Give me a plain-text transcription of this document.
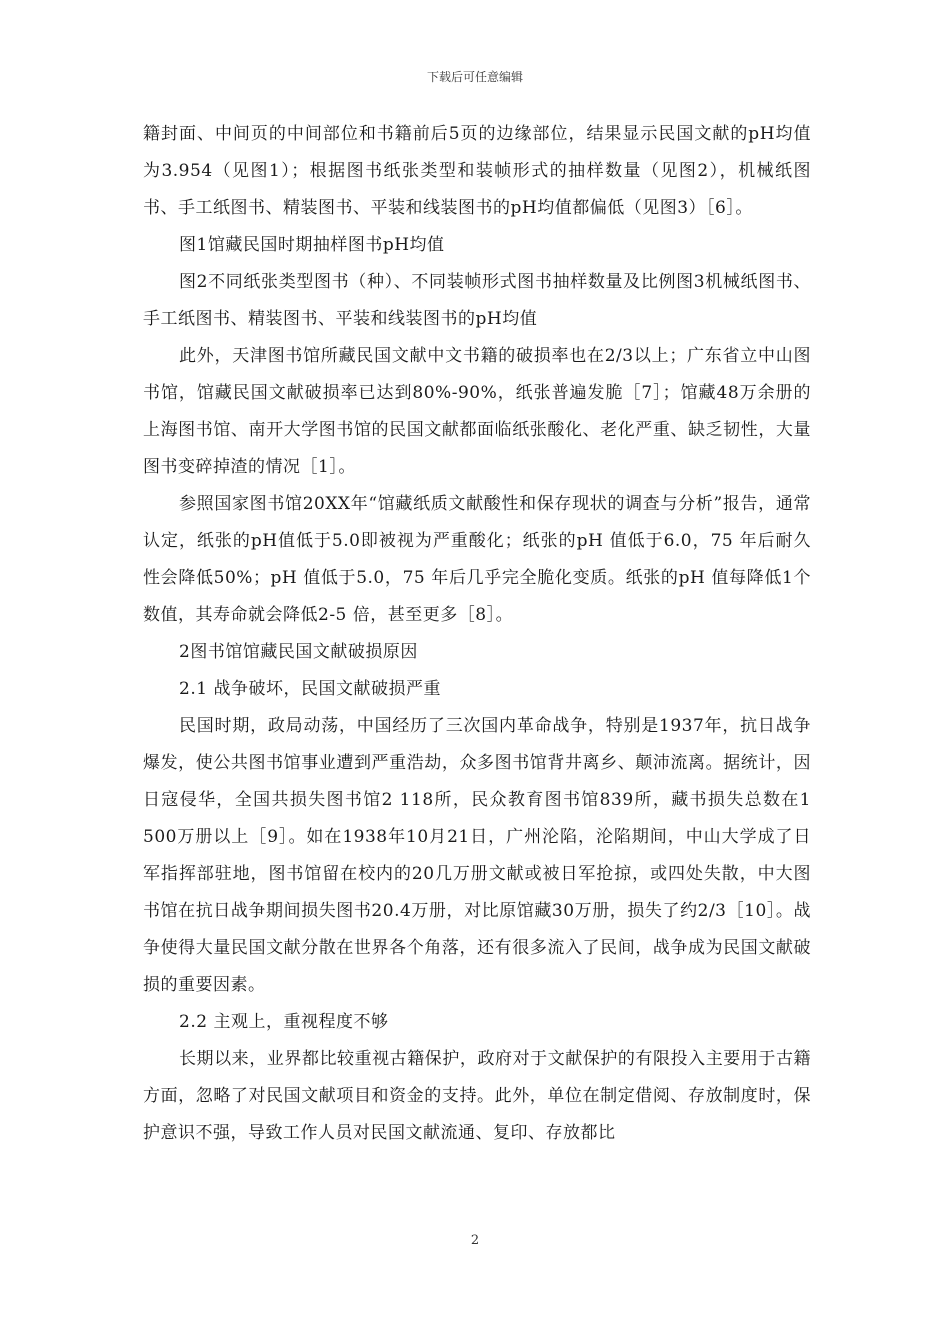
下载后可任意编辑

籍封面、中间页的中间部位和书籍前后5页的边缘部位，结果显示民国文献的pH均值为3.954（见图1）；根据图书纸张类型和装帧形式的抽样数量（见图2），机械纸图书、手工纸图书、精装图书、平装和线装图书的pH均值都偏低（见图3）［6］。

图1馆藏民国时期抽样图书pH均值

图2不同纸张类型图书（种）、不同装帧形式图书抽样数量及比例图3机械纸图书、手工纸图书、精装图书、平装和线装图书的pH均值

此外，天津图书馆所藏民国文献中文书籍的破损率也在2/3以上；广东省立中山图书馆，馆藏民国文献破损率已达到80%-90%，纸张普遍发脆［7］；馆藏48万余册的上海图书馆、南开大学图书馆的民国文献都面临纸张酸化、老化严重、缺乏韧性，大量图书变碎掉渣的情况［1］。

参照国家图书馆20XX年“馆藏纸质文献酸性和保存现状的调查与分析”报告，通常认定，纸张的pH值低于5.0即被视为严重酸化；纸张的pH 值低于6.0，75 年后耐久性会降低50%；pH 值低于5.0，75 年后几乎完全脆化变质。纸张的pH 值每降低1个数值，其寿命就会降低2-5 倍，甚至更多［8］。

2图书馆馆藏民国文献破损原因

2.1 战争破坏，民国文献破损严重

民国时期，政局动荡，中国经历了三次国内革命战争，特别是1937年，抗日战争爆发，使公共图书馆事业遭到严重浩劫，众多图书馆背井离乡、颠沛流离。据统计，因日寇侵华，全国共损失图书馆2 118所，民众教育图书馆839所，藏书损失总数在1 500万册以上［9］。如在1938年10月21日，广州沦陷，沦陷期间，中山大学成了日军指挥部驻地，图书馆留在校内的20几万册文献或被日军抢掠，或四处失散，中大图书馆在抗日战争期间损失图书20.4万册，对比原馆藏30万册，损失了约2/3［10］。战争使得大量民国文献分散在世界各个角落，还有很多流入了民间，战争成为民国文献破损的重要因素。

2.2 主观上，重视程度不够

长期以来，业界都比较重视古籍保护，政府对于文献保护的有限投入主要用于古籍方面，忽略了对民国文献项目和资金的支持。此外，单位在制定借阅、存放制度时，保护意识不强，导致工作人员对民国文献流通、复印、存放都比

2
